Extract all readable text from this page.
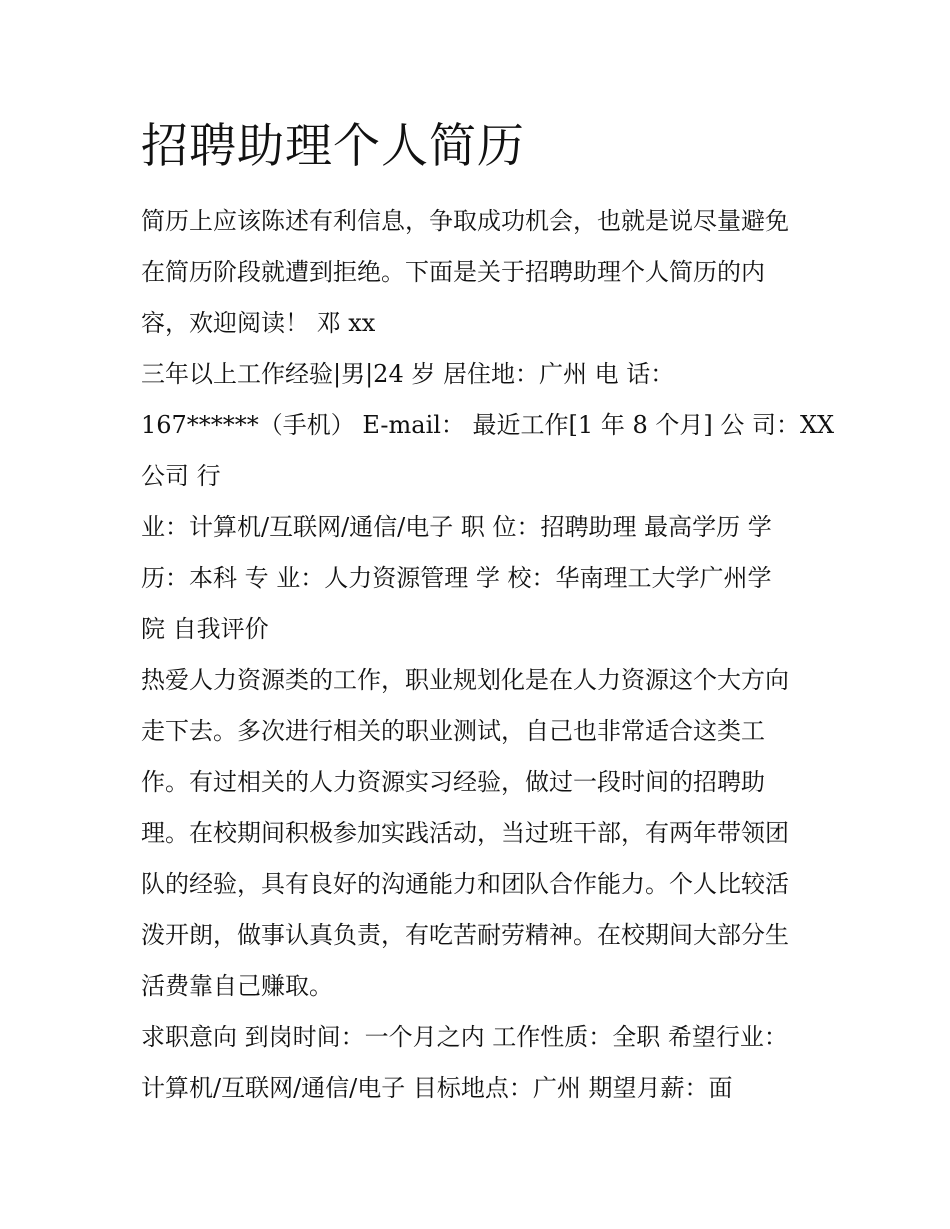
招聘助理个人简历

简历上应该陈述有利信息，争取成功机会，也就是说尽量避免

在简历阶段就遭到拒绝。下面是关于招聘助理个人简历的内

容，欢迎阅读！ 邓 xx

三年以上工作经验|男|24 岁 居住地：广州 电 话：

167******（手机） E-mail： 最近工作[1 年 8 个月] 公 司：XX

公司 行

业：计算机/互联网/通信/电子 职 位：招聘助理 最高学历 学

历：本科 专 业：人力资源管理 学 校：华南理工大学广州学

院 自我评价

热爱人力资源类的工作，职业规划化是在人力资源这个大方向

走下去。多次进行相关的职业测试，自己也非常适合这类工

作。有过相关的人力资源实习经验，做过一段时间的招聘助

理。在校期间积极参加实践活动，当过班干部，有两年带领团

队的经验，具有良好的沟通能力和团队合作能力。个人比较活

泼开朗，做事认真负责，有吃苦耐劳精神。在校期间大部分生

活费靠自己赚取。

求职意向 到岗时间：一个月之内 工作性质：全职 希望行业：

计算机/互联网/通信/电子 目标地点：广州 期望月薪：面
